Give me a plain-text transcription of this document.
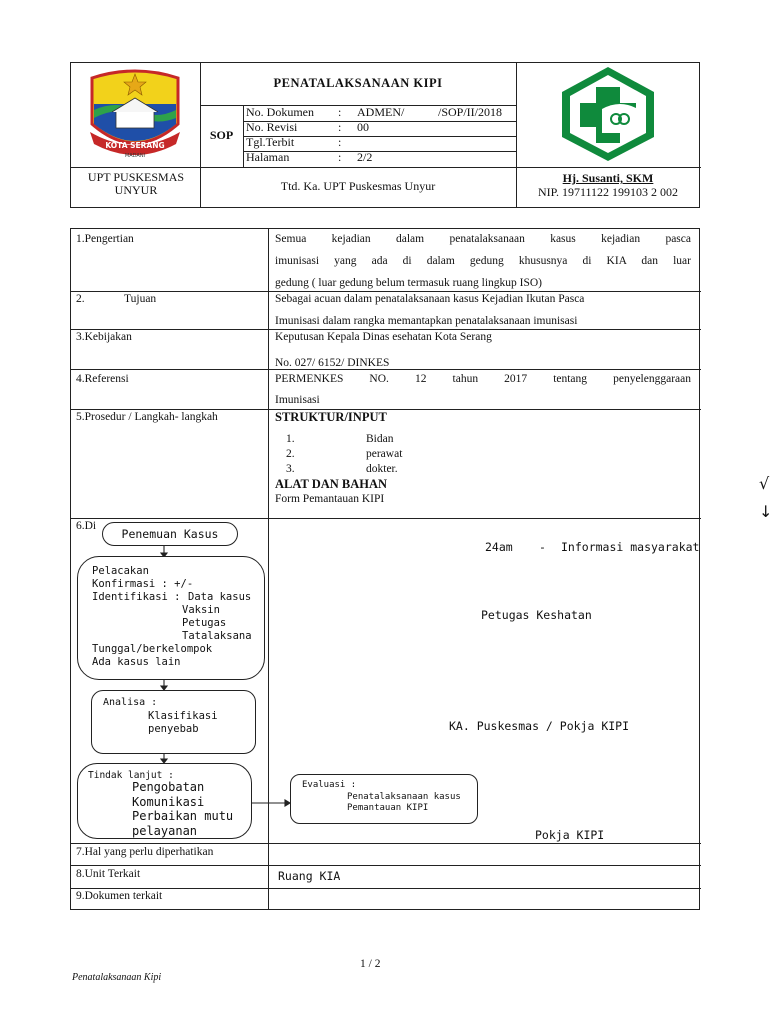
KOTA SERANG
MADANI
PENATALAKSANAAN KIPI
SOP
No. Dokumen : ADMEN/	/SOP/II/2018
No. Revisi	: 00
Tgl.Terbit	:
Halaman	: 2/2
UPT PUSKESMAS
UNYUR	Ttd. Ka. UPT Puskesmas Unyur
Hj. Susanti, SKM
NIP. 19711122 199103 2 002
1.Pengertian	Semua kejadian dalam penatalaksanaan kasus kejadian pasca
imunisasi yang ada di dalam gedung khususnya di KIA dan luar
gedung ( luar gedung belum termasuk ruang lingkup ISO)
2.	Tujuan	Sebagai acuan dalam penatalaksanaan kasus Kejadian Ikutan Pasca
Imunisasi dalam rangka memantapkan penatalaksanaan imunisasi
3.Kebijakan	Keputusan Kepala Dinas esehatan Kota Serang
No. 027/ 6152/ DINKES
4.Referensi	PERMENKES NO. 12 tahun 2017 tentang penyelenggaraan
Imunisasi
5.Prosedur / Langkah- langkah	STRUKTUR/INPUT
1.	Bidan
2.	perawat
3.	dokter.
ALAT DAN BAHAN
Form Pemantauan KIPI
6.Di
Penemuan Kasus
Pelacakan
Konfirmasi : +/-
Identifikasi : Data kasus
Vaksin
Petugas
Tatalaksana
Tunggal/berkelompok
Ada kasus lain
Analisa :
Klasifikasi
penyebab
Tindak lanjut :
Pengobatan
Komunikasi
Perbaikan mutu
pelayanan
Evaluasi :
Penatalaksanaan kasus
Pemantauan KIPI
24am - Informasi masyarakat
Petugas Keshatan
KA. Puskesmas / Pokja KIPI
Pokja KIPI
7.Hal yang perlu diperhatikan
8.Unit Terkait	Ruang KIA
9.Dokumen terkait
√
↓
1 / 2
Penatalaksanaan Kipi
